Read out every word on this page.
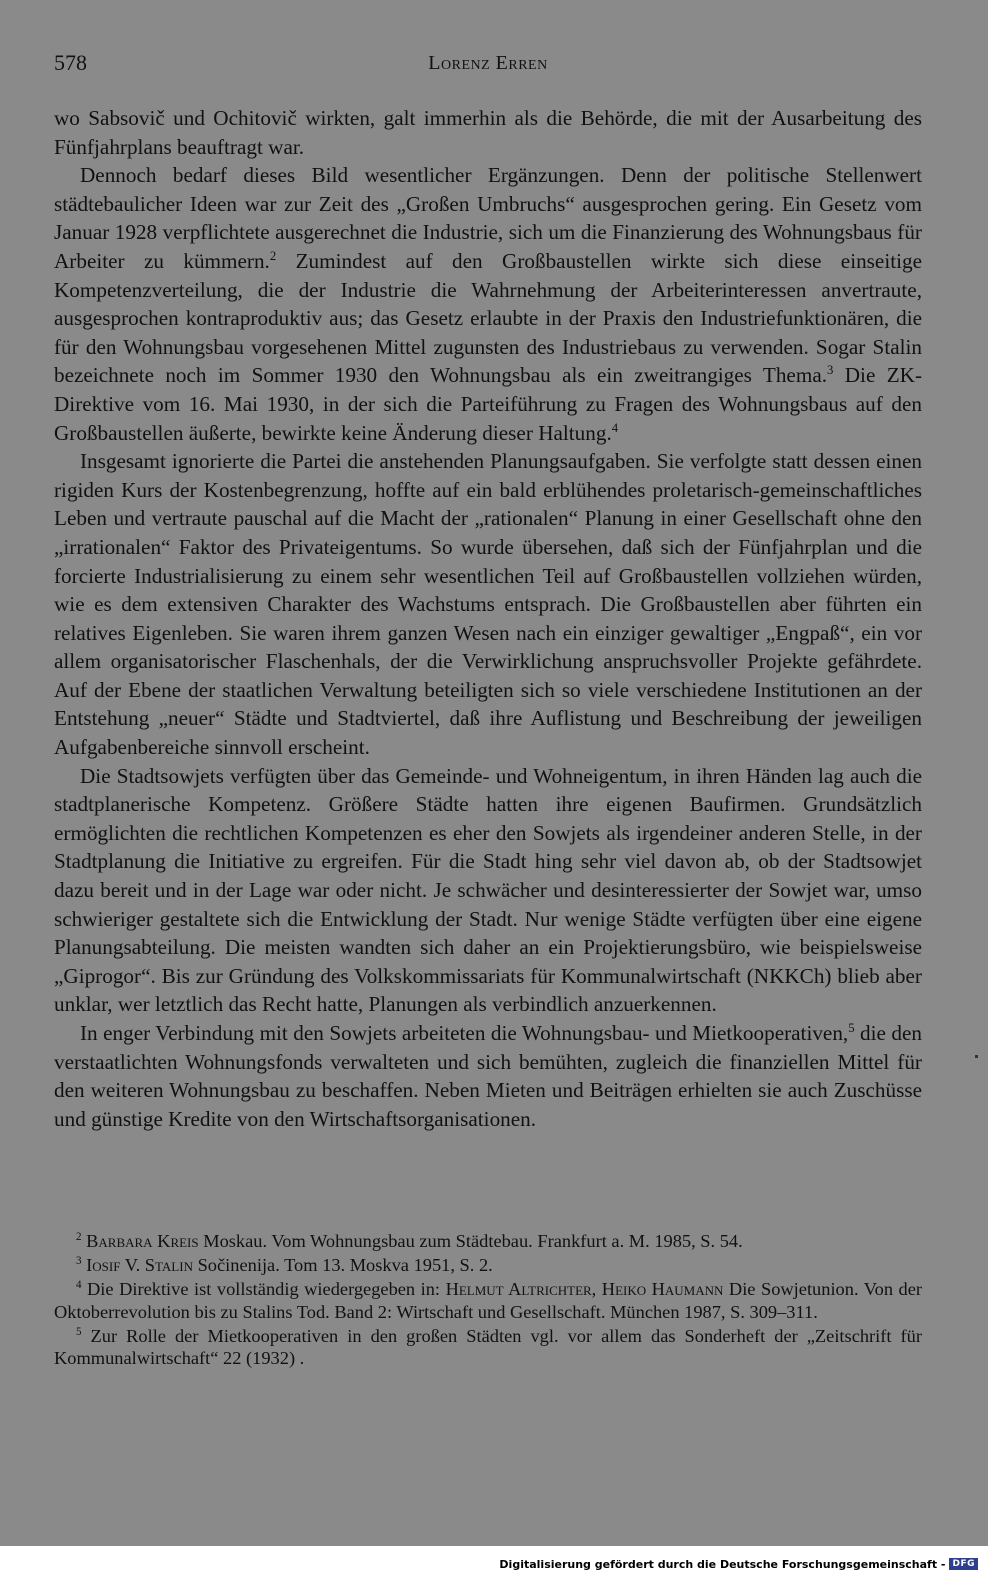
578	Lorenz Erren

wo Sabsovič und Ochitovič wirkten, galt immerhin als die Behörde, die mit der Ausarbeitung des Fünfjahrplans beauftragt war.

Dennoch bedarf dieses Bild wesentlicher Ergänzungen. Denn der politische Stellenwert städtebaulicher Ideen war zur Zeit des „Großen Umbruchs“ ausgesprochen gering. Ein Gesetz vom Januar 1928 verpflichtete ausgerechnet die Industrie, sich um die Finanzierung des Wohnungsbaus für Arbeiter zu kümmern.$^2$ Zumindest auf den Großbaustellen wirkte sich diese einseitige Kompetenzverteilung, die der Industrie die Wahrnehmung der Arbeiterinteressen anvertraute, ausgesprochen kontraproduktiv aus; das Gesetz erlaubte in der Praxis den Industriefunktionären, die für den Wohnungsbau vorgesehenen Mittel zugunsten des Industriebaus zu verwenden. Sogar Stalin bezeichnete noch im Sommer 1930 den Wohnungsbau als ein zweitrangiges Thema.$^3$ Die ZK-Direktive vom 16. Mai 1930, in der sich die Parteiführung zu Fragen des Wohnungsbaus auf den Großbaustellen äußerte, bewirkte keine Änderung dieser Haltung.$^4$

Insgesamt ignorierte die Partei die anstehenden Planungsaufgaben. Sie verfolgte statt dessen einen rigiden Kurs der Kostenbegrenzung, hoffte auf ein bald erblühendes proletarisch-gemeinschaftliches Leben und vertraute pauschal auf die Macht der „rationalen“ Planung in einer Gesellschaft ohne den „irrationalen“ Faktor des Privateigentums. So wurde übersehen, daß sich der Fünfjahrplan und die forcierte Industrialisierung zu einem sehr wesentlichen Teil auf Großbaustellen vollziehen würden, wie es dem extensiven Charakter des Wachstums entsprach. Die Großbaustellen aber führten ein relatives Eigenleben. Sie waren ihrem ganzen Wesen nach ein einziger gewaltiger „Engpaß“, ein vor allem organisatorischer Flaschenhals, der die Verwirklichung anspruchsvoller Projekte gefährdete. Auf der Ebene der staatlichen Verwaltung beteiligten sich so viele verschiedene Institutionen an der Entstehung „neuer“ Städte und Stadtviertel, daß ihre Auflistung und Beschreibung der jeweiligen Aufgabenbereiche sinnvoll erscheint.

Die Stadtsowjets verfügten über das Gemeinde- und Wohneigentum, in ihren Händen lag auch die stadtplanerische Kompetenz. Größere Städte hatten ihre eigenen Baufirmen. Grundsätzlich ermöglichten die rechtlichen Kompetenzen es eher den Sowjets als irgendeiner anderen Stelle, in der Stadtplanung die Initiative zu ergreifen. Für die Stadt hing sehr viel davon ab, ob der Stadtsowjet dazu bereit und in der Lage war oder nicht. Je schwächer und desinteressierter der Sowjet war, umso schwieriger gestaltete sich die Entwicklung der Stadt. Nur wenige Städte verfügten über eine eigene Planungsabteilung. Die meisten wandten sich daher an ein Projektierungsbüro, wie beispielsweise „Giprogor“. Bis zur Gründung des Volkskommissariats für Kommunalwirtschaft (NKKCh) blieb aber unklar, wer letztlich das Recht hatte, Planungen als verbindlich anzuerkennen.

In enger Verbindung mit den Sowjets arbeiteten die Wohnungsbau- und Mietkooperativen,$^5$ die den verstaatlichten Wohnungsfonds verwalteten und sich bemühten, zugleich die finanziellen Mittel für den weiteren Wohnungsbau zu beschaffen. Neben Mieten und Beiträgen erhielten sie auch Zuschüsse und günstige Kredite von den Wirtschaftsorganisationen.

$^2$ Barbara Kreis Moskau. Vom Wohnungsbau zum Städtebau. Frankfurt a. M. 1985, S. 54.

$^3$ Iosif V. Stalin Sočinenija. Tom 13. Moskva 1951, S. 2.

$^4$ Die Direktive ist vollständig wiedergegeben in: Helmut Altrichter, Heiko Haumann Die Sowjetunion. Von der Oktoberrevolution bis zu Stalins Tod. Band 2: Wirtschaft und Gesellschaft. München 1987, S. 309–311.

$^5$ Zur Rolle der Mietkooperativen in den großen Städten vgl. vor allem das Sonderheft der „Zeitschrift für Kommunalwirtschaft“ 22 (1932) .

Digitalisierung gefördert durch die Deutsche Forschungsgemeinschaft - DFG
